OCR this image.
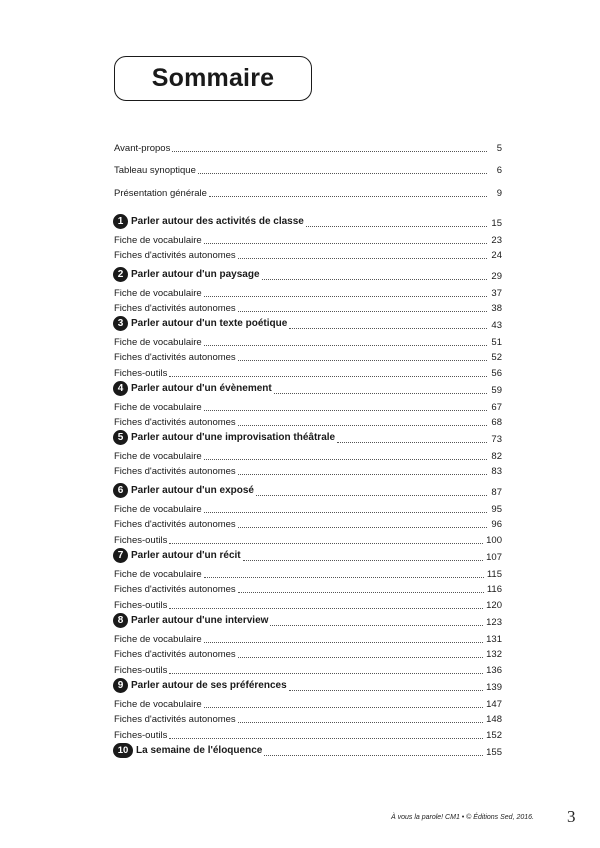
Sommaire
Avant-propos	5
Tableau synoptique	6
Présentation générale	9
1 Parler autour des activités de classe	15
Fiche de vocabulaire	23
Fiches d'activités autonomes	24
2 Parler autour d'un paysage	29
Fiche de vocabulaire	37
Fiches d'activités autonomes	38
3 Parler autour d'un texte poétique	43
Fiche de vocabulaire	51
Fiches d'activités autonomes	52
Fiches-outils	56
4 Parler autour d'un évènement	59
Fiche de vocabulaire	67
Fiches d'activités autonomes	68
5 Parler autour d'une improvisation théâtrale	73
Fiche de vocabulaire	82
Fiches d'activités autonomes	83
6 Parler autour d'un exposé	87
Fiche de vocabulaire	95
Fiches d'activités autonomes	96
Fiches-outils	100
7 Parler autour d'un récit	107
Fiche de vocabulaire	115
Fiches d'activités autonomes	116
Fiches-outils	120
8 Parler autour d'une interview	123
Fiche de vocabulaire	131
Fiches d'activités autonomes	132
Fiches-outils	136
9 Parler autour de ses préférences	139
Fiche de vocabulaire	147
Fiches d'activités autonomes	148
Fiches-outils	152
10 La semaine de l'éloquence	155
À vous la parole! CM1 • © Éditions Sed, 2016. 3
